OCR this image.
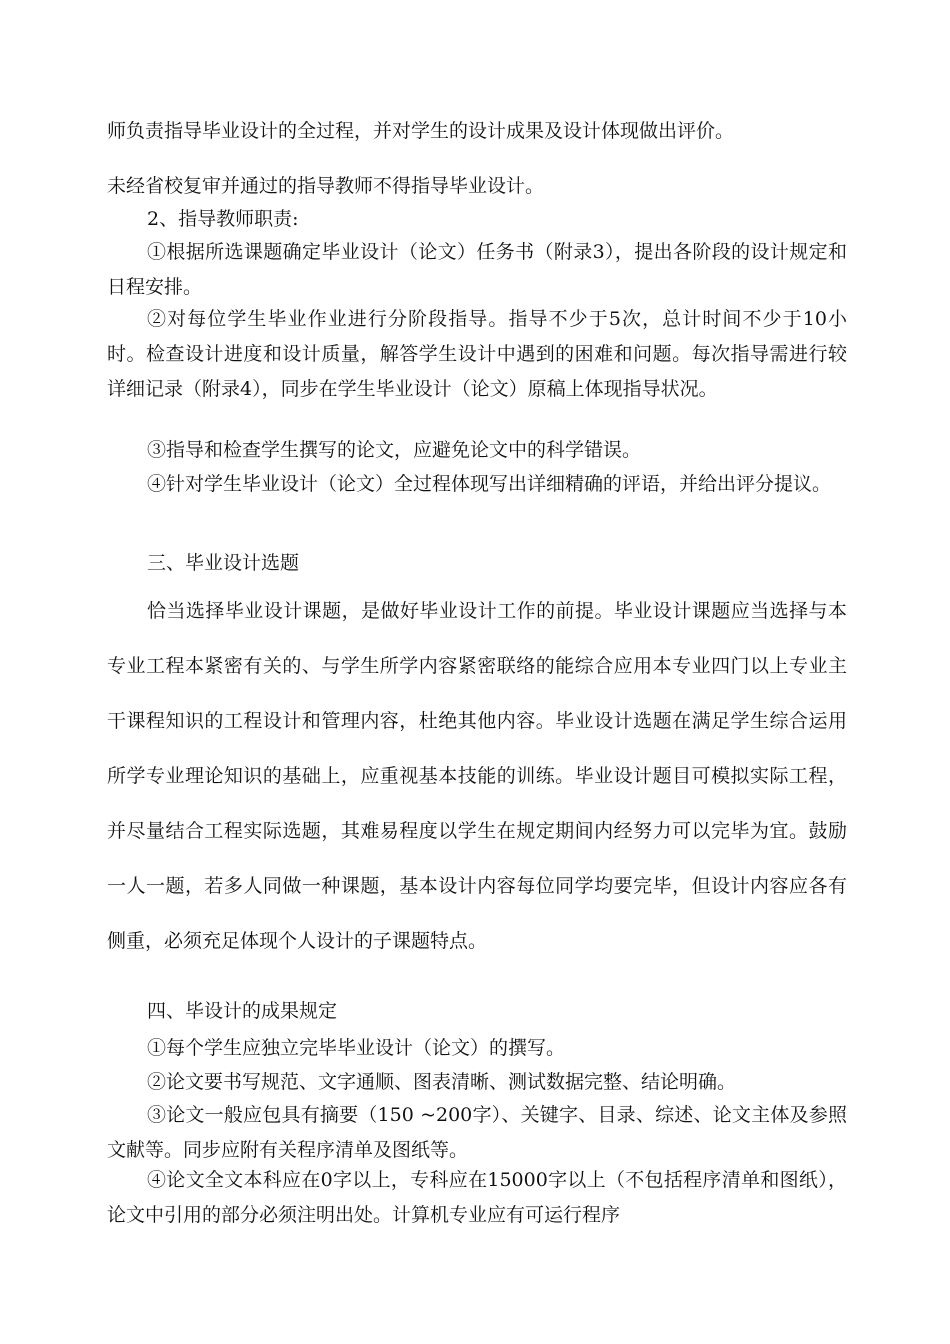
师负责指导毕业设计的全过程，并对学生的设计成果及设计体现做出评价。

未经省校复审并通过的指导教师不得指导毕业设计。

2、指导教师职责:

①根据所选课题确定毕业设计（论文）任务书（附录3），提出各阶段的设计规定和日程安排。

②对每位学生毕业作业进行分阶段指导。指导不少于5次，总计时间不少于10小时。检查设计进度和设计质量，解答学生设计中遇到的困难和问题。每次指导需进行较详细记录（附录4），同步在学生毕业设计（论文）原稿上体现指导状况。

③指导和检查学生撰写的论文，应避免论文中的科学错误。

④针对学生毕业设计（论文）全过程体现写出详细精确的评语，并给出评分提议。

三、毕业设计选题

恰当选择毕业设计课题，是做好毕业设计工作的前提。毕业设计课题应当选择与本专业工程本紧密有关的、与学生所学内容紧密联络的能综合应用本专业四门以上专业主干课程知识的工程设计和管理内容，杜绝其他内容。毕业设计选题在满足学生综合运用所学专业理论知识的基础上，应重视基本技能的训练。毕业设计题目可模拟实际工程，并尽量结合工程实际选题，其难易程度以学生在规定期间内经努力可以完毕为宜。鼓励一人一题，若多人同做一种课题，基本设计内容每位同学均要完毕，但设计内容应各有侧重，必须充足体现个人设计的子课题特点。

四、毕设计的成果规定

①每个学生应独立完毕毕业设计（论文）的撰写。

②论文要书写规范、文字通顺、图表清晰、测试数据完整、结论明确。

③论文一般应包具有摘要（150 ~200字）、关键字、目录、综述、论文主体及参照文献等。同步应附有关程序清单及图纸等。

④论文全文本科应在0字以上，专科应在15000字以上（不包括程序清单和图纸），论文中引用的部分必须注明出处。计算机专业应有可运行程序
